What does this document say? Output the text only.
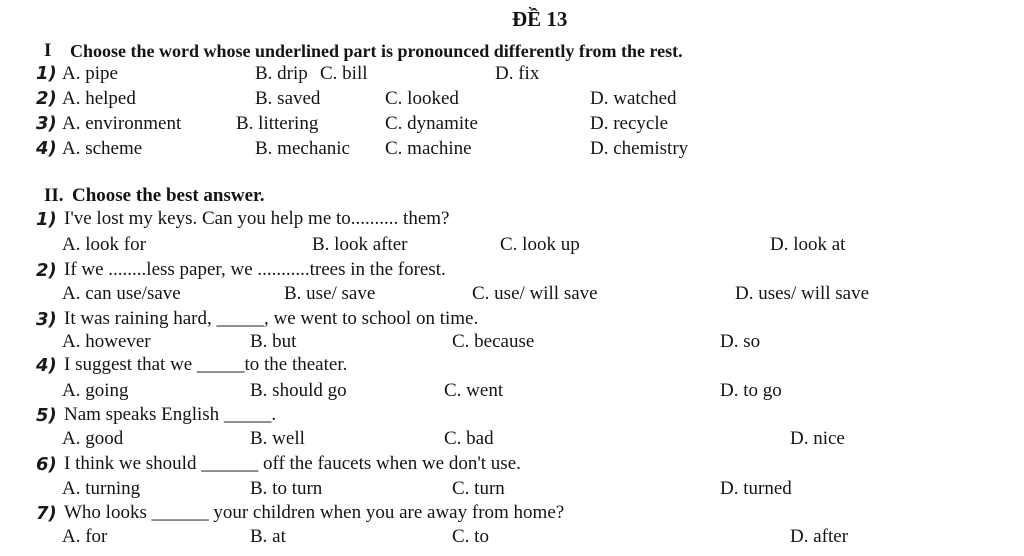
ĐỀ 13
I Choose the word whose underlined part is pronounced differently from the rest.
1) A. pipe	B. drip C. bill	D. fix
2) A. helped	B. saved	C. looked	D. watched
3) A. environment	B. littering	C. dynamite	D. recycle
4) A. scheme	B. mechanic C. machine	D. chemistry
II. Choose the best answer.
1) I've lost my keys. Can you help me to.......... them?
A. look for	B. look after	C. look up	D. look at
2) If we ........less paper, we ...........trees in the forest.
A. can use/save	B. use/ save	C. use/ will save	D. uses/ will save
3) It was raining hard, _____, we went to school on time.
A. however	B. but	C. because	D. so
4) I suggest that we _____to the theater.
A. going	B. should go	C. went	D. to go
5) Nam speaks English _____.
A. good	B. well	C. bad	D. nice
6) I think we should ______ off the faucets when we don't use.
A. turning	B. to turn	C. turn	D. turned
7) Who looks ______ your children when you are away from home?
A. for	B. at	C. to	D. after
